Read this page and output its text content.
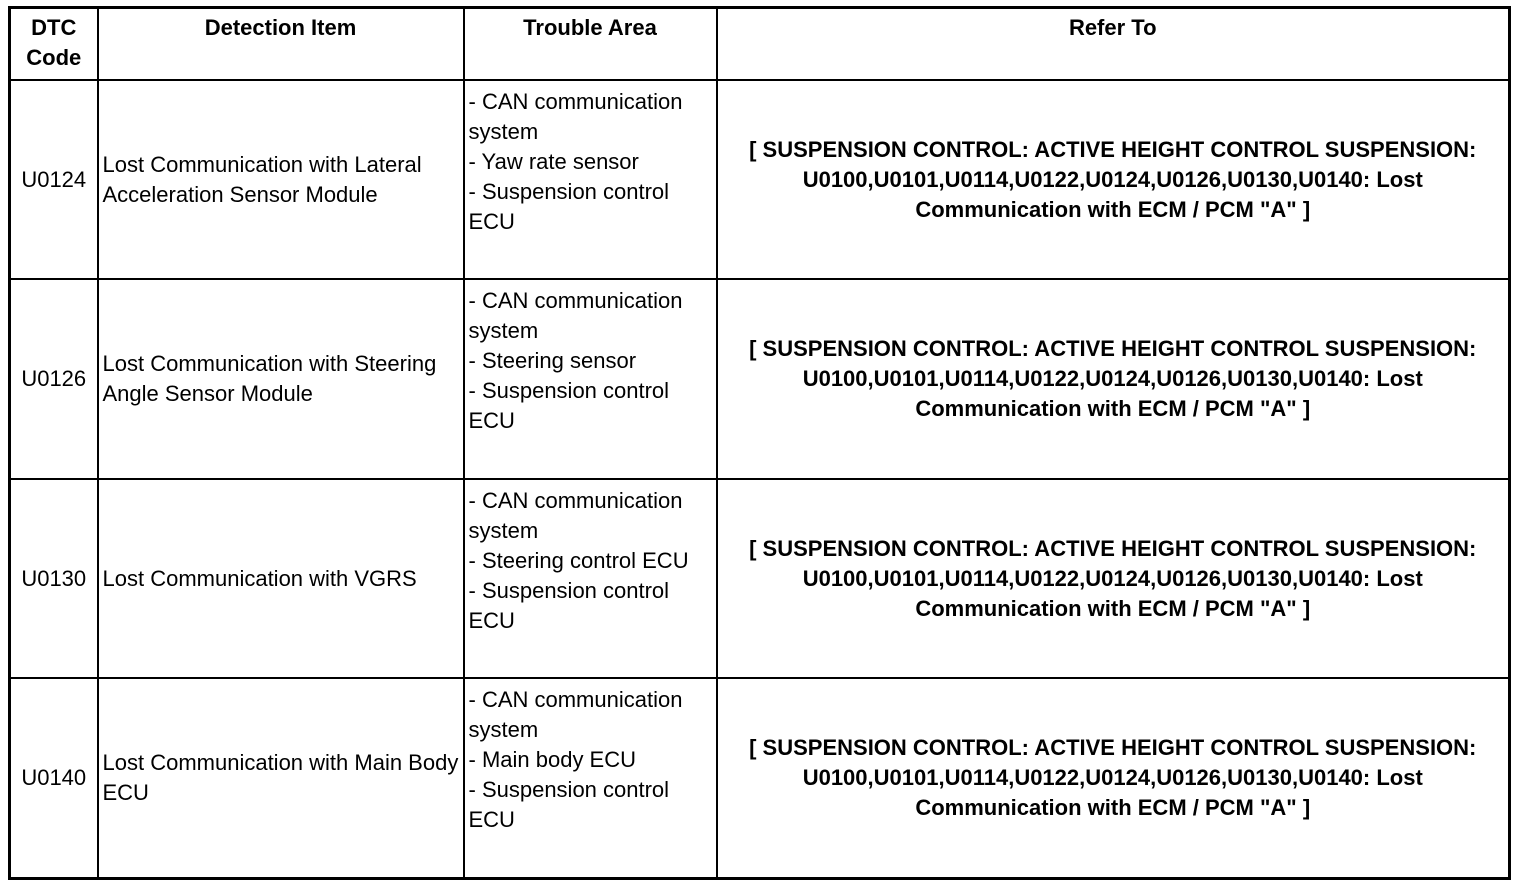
DTC
Code	Detection Item	Trouble Area	Refer To
U0124	Lost Communication with Lateral Acceleration Sensor Module	- CAN communication system
- Yaw rate sensor
- Suspension control ECU	[ SUSPENSION CONTROL: ACTIVE HEIGHT CONTROL SUSPENSION: U0100,U0101,U0114,U0122,U0124,U0126,U0130,U0140: Lost Communication with ECM / PCM "A" ]
U0126	Lost Communication with Steering Angle Sensor Module	- CAN communication system
- Steering sensor
- Suspension control ECU	[ SUSPENSION CONTROL: ACTIVE HEIGHT CONTROL SUSPENSION: U0100,U0101,U0114,U0122,U0124,U0126,U0130,U0140: Lost Communication with ECM / PCM "A" ]
U0130	Lost Communication with VGRS	- CAN communication system
- Steering control ECU
- Suspension control ECU	[ SUSPENSION CONTROL: ACTIVE HEIGHT CONTROL SUSPENSION: U0100,U0101,U0114,U0122,U0124,U0126,U0130,U0140: Lost Communication with ECM / PCM "A" ]
U0140	Lost Communication with Main Body ECU	- CAN communication system
- Main body ECU
- Suspension control ECU	[ SUSPENSION CONTROL: ACTIVE HEIGHT CONTROL SUSPENSION: U0100,U0101,U0114,U0122,U0124,U0126,U0130,U0140: Lost Communication with ECM / PCM "A" ]
